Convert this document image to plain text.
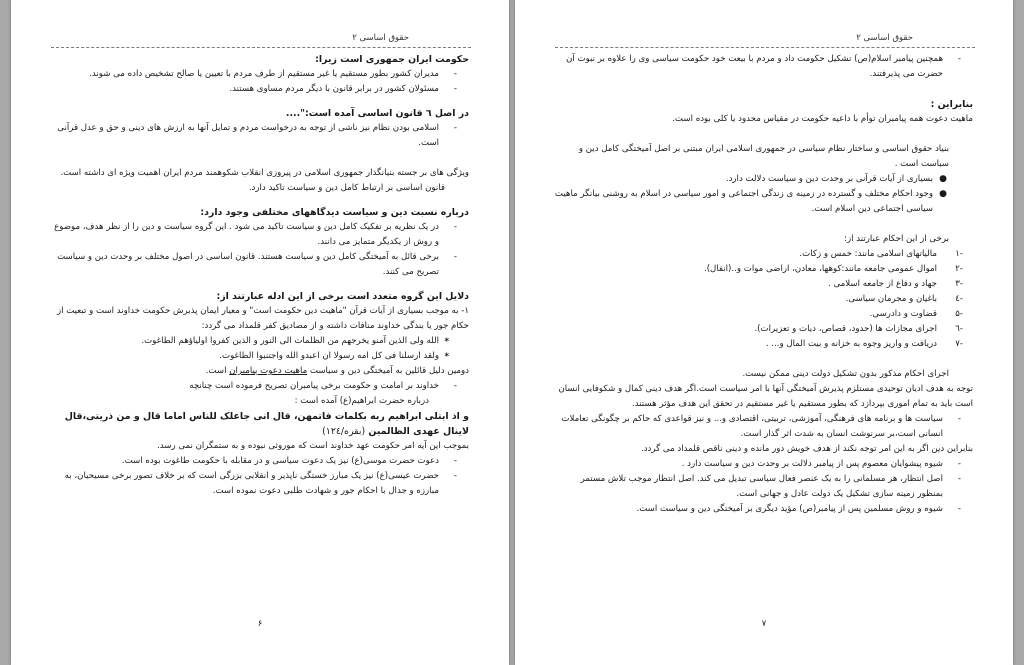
حقوق اساسی ۲

حکومت ایران جمهوری است زیرا:

-
مدیران کشور بطور مستقیم یا غیر مستقیم از طرف مردم با تعیین یا صالح تشخیص داده می شوند.

-
مسئولان کشور در برابر قانون با دیگر مردم مساوی هستند.

در اصل ٦ قانون اساسی آمده است:"....

-
اسلامی بودن نظام نیز ناشی از توجه به درخواست مردم و تمایل آنها به ارزش های دینی و حق و عدل قرآنی است.

ویژگی های بر جسته بنیانگذار جمهوری اسلامی در پیروزی انقلاب شکوهمند مردم ایران اهمیت ویژه ای داشته است.

قانون اساسی بر ارتباط کامل دین و سیاست تاکید دارد.

درباره نسبت دین و سیاست دیدگاههای مختلفی وجود دارد:

-
در یک نظریه بر تفکیک کامل دین و سیاست تاکید می شود . این گروه سیاست و دین را از نظر هدف، موضوع و روش از یکدیگر متمایز می دانند.

-
برخی قائل به آمیختگی کامل دین و سیاست هستند. قانون اساسی در اصول مختلف بر وحدت دین و سیاست تصریح می کنند.

دلایل این گروه متعدد است برخی از این ادله عبارتند از:

۱- به موجب بسیاری از آیات قرآن "ماهیت دین حکومت است" و معیار ایمان پذیرش حکومت خداوند است و تبعیت از حکام جور یا بندگی خداوند منافات داشته و از مصادیق کفر قلمداد می گردد:

*
الله ولی الذین آمنو یخرجهم من الظلمات الی النور و الذین کفروا اولیاؤهم الطاغوت.

*
ولقد ارسلنا فی کل امه رسولا ان اعبدو الله واجتنبوا الطاغوت.

دومین دلیل قائلین به آمیختگی دین و سیاست ماهیت دعوت پیامبران است.

-
خداوند بر امامت و حکومت برخی پیامبران تصریح فرموده است چنانچه

درباره حضرت ابراهیم(ع) آمده است :

و اذ ابتلی ابراهیم ربه بکلمات فاتمهن، قال انی جاعلک للناس اماما قال و من ذریتی،قال لاینال عهدی الظالمین (بقره/۱۲٤)

بموجب این آیه امر حکومت عهد خداوند است که موروثی نبوده و به ستمگران نمی رسد.

-
دعوت حضرت موسی(ع) نیز یک دعوت سیاسی و در مقابله با حکومت طاغوت بوده است.

-
حضرت عیسی(ع) نیز یک مبارز خستگی ناپذیر و انقلابی بزرگی است که بر خلاف تصور برخی مسیحیان، به مبارزه و جدال با احکام جور و شهادت طلبی دعوت نموده است.

۶
حقوق اساسی ۲

-
همچنین پیامبر اسلام(ص) تشکیل حکومت داد و مردم با بیعت خود حکومت سیاسی وی را علاوه بر نبوت آن حضرت می پذیرفتند.

بنابراین :

ماهیت دعوت همه پیامبران توأم با داعیه حکومت در مقیاس محدود یا کلی بوده است.

بنیاد حقوق اساسی و ساختار نظام سیاسی در جمهوری اسلامی ایران مبتنی بر اصل آمیختگی کامل دین و سیاست است .

●
بسیاری از آیات قرآنی بر وحدت دین و سیاست دلالت دارد.

●
وجود احکام مختلف و گسترده در زمینه ی زندگی اجتماعی و امور سیاسی در اسلام به روشنی بیانگر ماهیت سیاسی اجتماعی دین اسلام است.

برخی از این احکام عبارتند از:

-۱
مالیاتهای اسلامی مانند: خمس و زکات.

-۲
اموال عمومی جامعه مانند:کوهها، معادن، اراضی موات و..(انفال).

-۳
جهاد و دفاع از جامعه اسلامی .

-٤
باغیان و مجرمان سیاسی.

-۵
قضاوت و دادرسی.

-٦
اجرای مجازات ها (حدود، قصاص، دیات و تعزیرات).

-۷
دریافت و واریز وجوه به خزانه و بیت المال و... .

اجرای احکام مذکور بدون تشکیل دولت دینی ممکن نیست.

توجه به هدف ادیان توحیدی مستلزم پذیرش آمیختگی آنها با امر سیاست است.اگر هدف دینی کمال و شکوفایی انسان است باید به تمام اموری بپردازد که بطور مستقیم یا غیر مستقیم در تحقق این هدف مؤثر هستند.

-
سیاست ها و برنامه های فرهنگی، آموزشی، تربیتی، اقتصادی و... و نیز قواعدی که حاکم بر چگونگی تعاملات انسانی است،بر سرنوشت انسان به شدت اثر گذار است.

بنابراین دین اگر به این امر توجه نکند از هدف خویش دور مانده و دینی ناقص قلمداد می گردد.

-
شیوه پیشوایان معصوم پس از پیامبر دلالت بر وحدت دین و سیاست دارد .

-
اصل انتظار، هر مسلمانی را به یک عنصر فعال سیاسی تبدیل می کند. اصل انتظار موجب تلاش مستمر بمنظور زمینه سازی تشکیل یک دولت عادل و جهانی است.

-
شیوه و روش مسلمین پس از پیامبر(ص) مؤید دیگری بر آمیختگی دین و سیاست است.

۷
